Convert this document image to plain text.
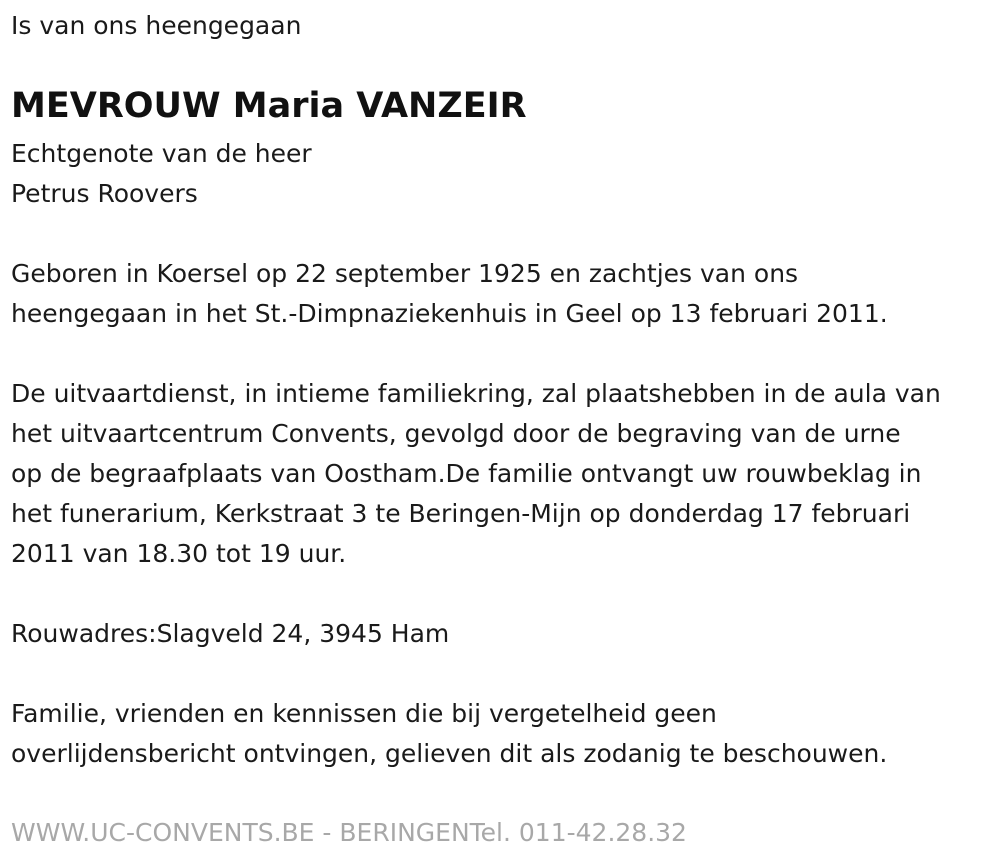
Is van ons heengegaan
MEVROUW Maria VANZEIR
Echtgenote van de heer
Petrus Roovers
Geboren in Koersel op 22 september 1925 en zachtjes van ons
heengegaan in het St.-Dimpnaziekenhuis in Geel op 13 februari 2011.
De uitvaartdienst, in intieme familiekring, zal plaatshebben in de aula van
het uitvaartcentrum Convents, gevolgd door de begraving van de urne
op de begraafplaats van Oostham.De familie ontvangt uw rouwbeklag in
het funerarium, Kerkstraat 3 te Beringen-Mijn op donderdag 17 februari
2011 van 18.30 tot 19 uur.
Rouwadres:Slagveld 24, 3945 Ham
Familie, vrienden en kennissen die bij vergetelheid geen
overlijdensbericht ontvingen, gelieven dit als zodanig te beschouwen.
WWW.UC-CONVENTS.BE - BERINGENTel. 011-42.28.32
